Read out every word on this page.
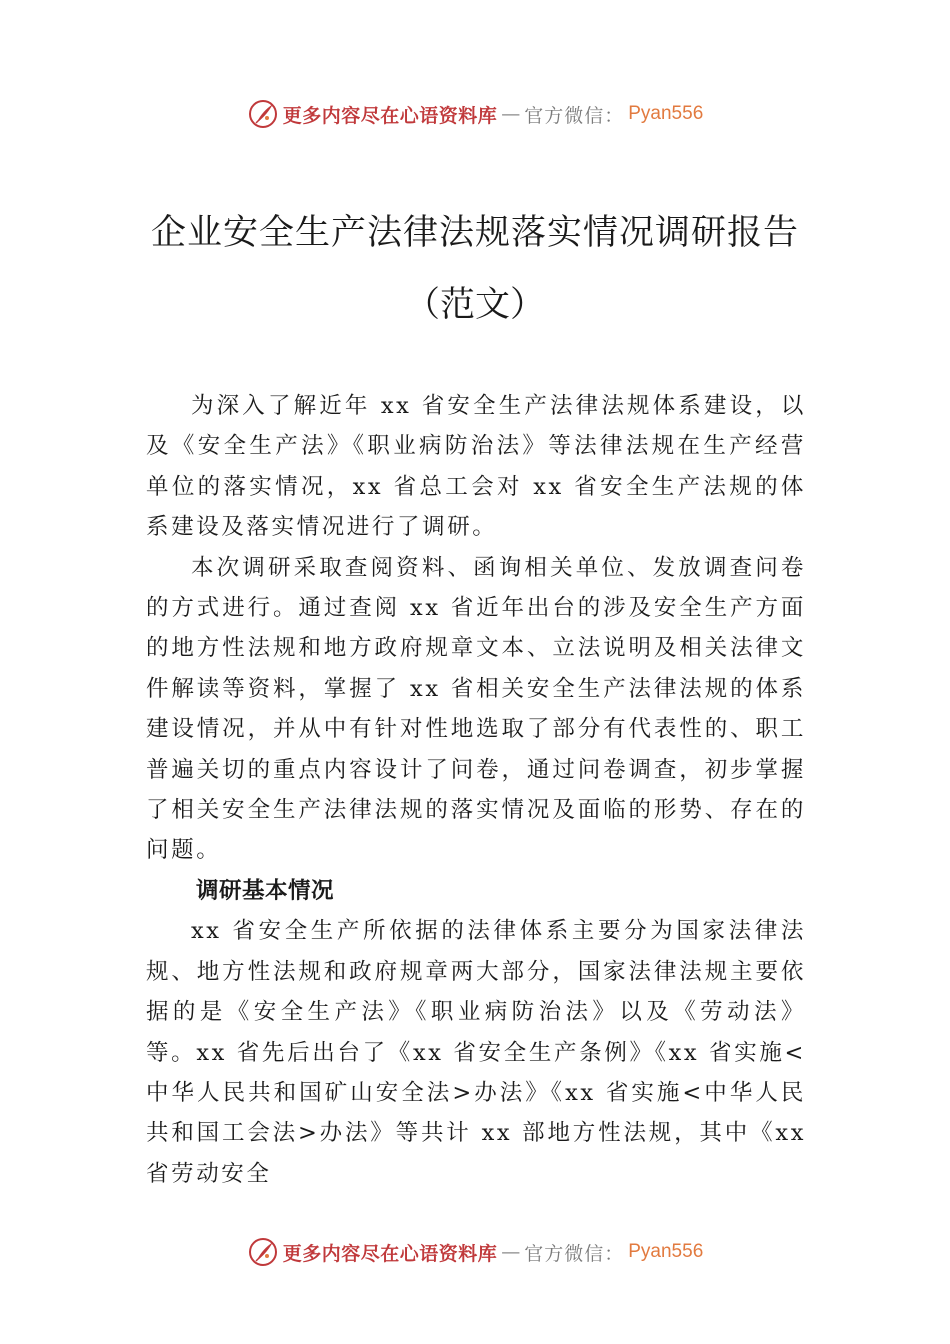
更多内容尽在心语资料库 — 官方微信： Pyan556
企业安全生产法律法规落实情况调研报告
（范文）

为深入了解近年 xx 省安全生产法律法规体系建设，以及《安全生产法》《职业病防治法》等法律法规在生产经营单位的落实情况，xx 省总工会对 xx 省安全生产法规的体系建设及落实情况进行了调研。

本次调研采取查阅资料、函询相关单位、发放调查问卷的方式进行。通过查阅 xx 省近年出台的涉及安全生产方面的地方性法规和地方政府规章文本、立法说明及相关法律文件解读等资料，掌握了 xx 省相关安全生产法律法规的体系建设情况，并从中有针对性地选取了部分有代表性的、职工普遍关切的重点内容设计了问卷，通过问卷调查，初步掌握了相关安全生产法律法规的落实情况及面临的形势、存在的问题。

调研基本情况

xx 省安全生产所依据的法律体系主要分为国家法律法规、地方性法规和政府规章两大部分，国家法律法规主要依据的是《安全生产法》《职业病防治法》以及《劳动法》等。xx 省先后出台了《xx 省安全生产条例》《xx 省实施<中华人民共和国矿山安全法>办法》《xx 省实施<中华人民共和国工会法>办法》等共计 xx 部地方性法规，其中《xx 省劳动安全

更多内容尽在心语资料库 — 官方微信： Pyan556
